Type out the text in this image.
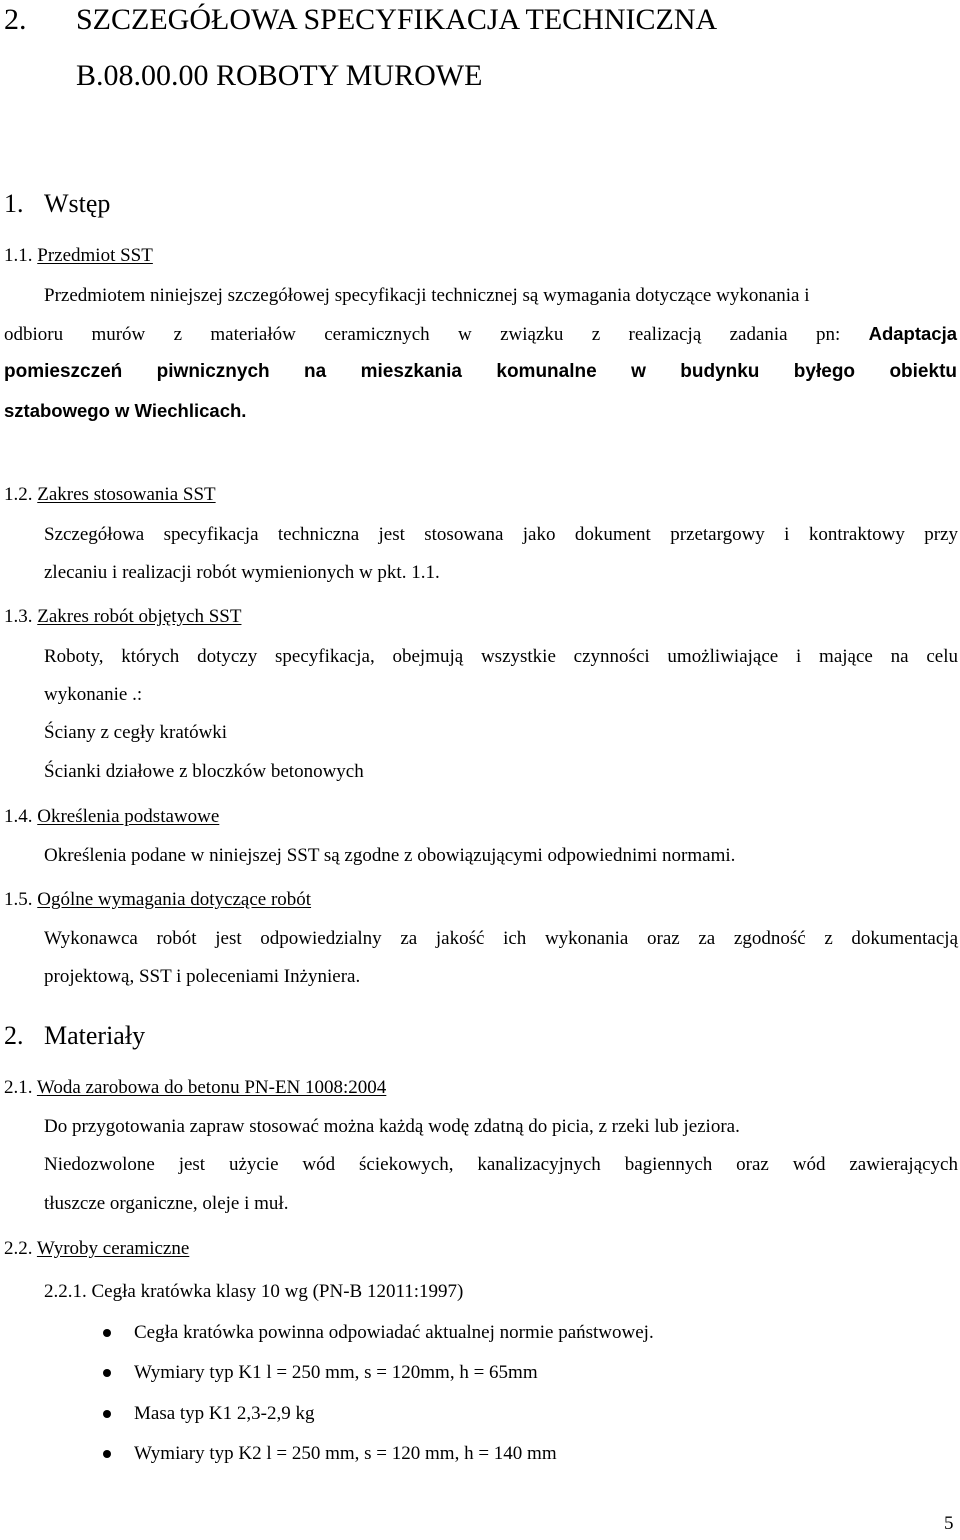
2. SZCZEGÓŁOWA SPECYFIKACJA TECHNICZNA
B.08.00.00 ROBOTY MUROWE
1. Wstęp
1.1. Przedmiot SST
Przedmiotem niniejszej szczegółowej specyfikacji technicznej są wymagania dotyczące wykonania i
odbioru murów z materiałów ceramicznych w związku z realizacją zadania pn: Adaptacja
pomieszczeń piwnicznych na mieszkania komunalne w budynku byłego obiektu
sztabowego w Wiechlicach.
1.2. Zakres stosowania SST
Szczegółowa specyfikacja techniczna jest stosowana jako dokument przetargowy i kontraktowy przy
zlecaniu i realizacji robót wymienionych w pkt. 1.1.
1.3. Zakres robót objętych SST
Roboty, których dotyczy specyfikacja, obejmują wszystkie czynności umożliwiające i mające na celu
wykonanie .:
Ściany z cegły kratówki
Ścianki działowe z bloczków betonowych
1.4. Określenia podstawowe
Określenia podane w niniejszej SST są zgodne z obowiązującymi odpowiednimi normami.
1.5. Ogólne wymagania dotyczące robót
Wykonawca robót jest odpowiedzialny za jakość ich wykonania oraz za zgodność z dokumentacją
projektową, SST i poleceniami Inżyniera.
2. Materiały
2.1. Woda zarobowa do betonu PN-EN 1008:2004
Do przygotowania zapraw stosować można każdą wodę zdatną do picia, z rzeki lub jeziora.
Niedozwolone jest użycie wód ściekowych, kanalizacyjnych bagiennych oraz wód zawierających
tłuszcze organiczne, oleje i muł.
2.2. Wyroby ceramiczne
2.2.1. Cegła kratówka klasy 10 wg (PN-B 12011:1997)
Cegła kratówka powinna odpowiadać aktualnej normie państwowej.
Wymiary typ K1 l = 250 mm, s = 120mm, h = 65mm
Masa typ K1 2,3-2,9 kg
Wymiary typ K2 l = 250 mm, s = 120 mm, h = 140 mm
5
